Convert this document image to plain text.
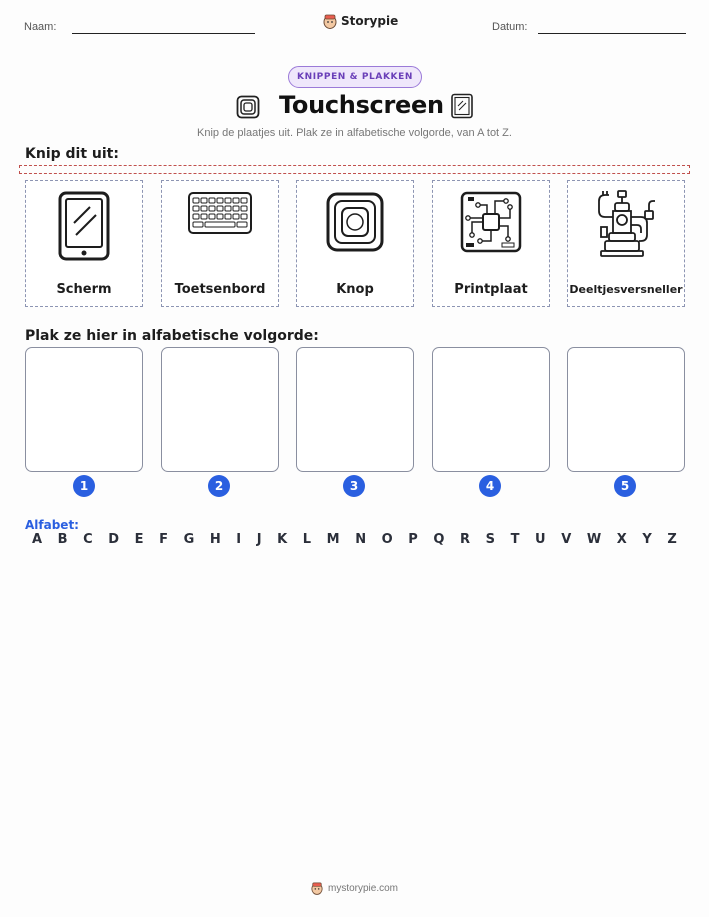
Naam:	Storypie	Datum:
KNIPPEN & PLAKKEN
Touchscreen
Knip de plaatjes uit. Plak ze in alfabetische volgorde, van A tot Z.
Knip dit uit:
Scherm	Toetsenbord	Knop	Printplaat	Deeltjesversneller
Plak ze hier in alfabetische volgorde:
1	2	3	4	5
Alfabet:
A B C D E F G H I J K L M N O P Q R S T U V W X Y Z
mystorypie.com
